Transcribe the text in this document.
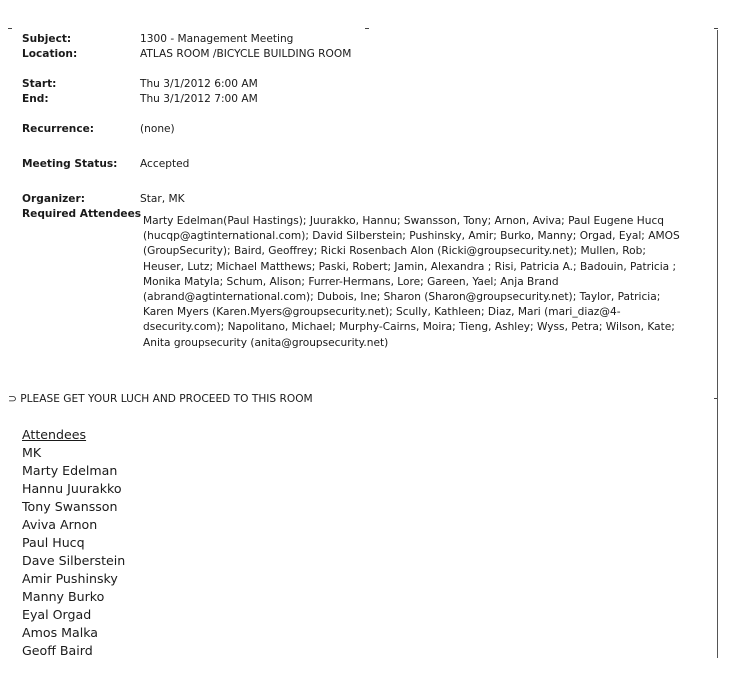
Subject:	1300 - Management Meeting
Location:	ATLAS ROOM /BICYCLE BUILDING ROOM
Start:	Thu 3/1/2012 6:00 AM
End:	Thu 3/1/2012 7:00 AM
Recurrence:	(none)
Meeting Status:	Accepted
Organizer:	Star, MK
Required Attendees
Marty Edelman(Paul Hastings); Juurakko, Hannu; Swansson, Tony; Arnon, Aviva; Paul Eugene Hucq
(hucqp@agtinternational.com); David Silberstein; Pushinsky, Amir; Burko, Manny; Orgad, Eyal; AMOS
(GroupSecurity); Baird, Geoffrey; Ricki Rosenbach Alon (Ricki@groupsecurity.net); Mullen, Rob;
Heuser, Lutz; Michael Matthews; Paski, Robert; Jamin, Alexandra ; Risi, Patricia A.; Badouin, Patricia ;
Monika Matyla; Schum, Alison; Furrer-Hermans, Lore; Gareen, Yael; Anja Brand
(abrand@agtinternational.com); Dubois, Ine; Sharon (Sharon@groupsecurity.net); Taylor, Patricia;
Karen Myers (Karen.Myers@groupsecurity.net); Scully, Kathleen; Diaz, Mari (mari_diaz@4-
dsecurity.com); Napolitano, Michael; Murphy-Cairns, Moira; Tieng, Ashley; Wyss, Petra; Wilson, Kate;
Anita groupsecurity (anita@groupsecurity.net)
⊃ PLEASE GET YOUR LUCH AND PROCEED TO THIS ROOM
Attendees
MK
Marty Edelman
Hannu Juurakko
Tony Swansson
Aviva Arnon
Paul Hucq
Dave Silberstein
Amir Pushinsky
Manny Burko
Eyal Orgad
Amos Malka
Geoff Baird
